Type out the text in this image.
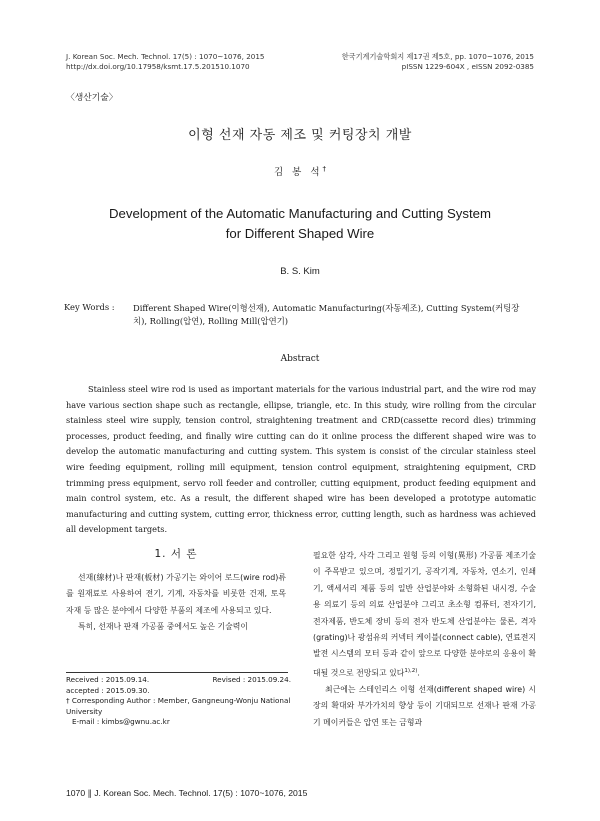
J. Korean Soc. Mech. Technol. 17(5) : 1070~1076, 2015
http://dx.doi.org/10.17958/ksmt.17.5.201510.1070
한국기계기술학회지 제17권 제5호, pp. 1070~1076, 2015
pISSN 1229-604X , eISSN 2092-0385
〈생산기술〉
이형 선재 자동 제조 및 커팅장치 개발
김 봉 석†
Development of the Automatic Manufacturing and Cutting System
for Different Shaped Wire
B. S. Kim
Key Words : Different Shaped Wire(이형선재), Automatic Manufacturing(자동제조), Cutting System(커팅장치), Rolling(압연), Rolling Mill(압연기)
Abstract
Stainless steel wire rod is used as important materials for the various industrial part, and the wire rod may have various section shape such as rectangle, ellipse, triangle, etc. In this study, wire rolling from the circular stainless steel wire supply, tension control, straightening treatment and CRD(cassette record dies) trimming processes, product feeding, and finally wire cutting can do it online process the different shaped wire was to develop the automatic manufacturing and cutting system. This system is consist of the circular stainless steel wire feeding equipment, rolling mill equipment, tension control equipment, straightening equipment, CRD trimming press equipment, servo roll feeder and controller, cutting equipment, product feeding equipment and main control system, etc. As a result, the different shaped wire has been developed a prototype automatic manufacturing and cutting system, cutting error, thickness error, cutting length, such as hardness was achieved all development targets.
1. 서 론

선재(線材)나 판재(板材) 가공기는 와이어 로드(wire rod)류를 원재료로 사용하여 전기, 기계, 자동차를 비롯한 건재, 토목 자재 등 많은 분야에서 다양한 부품의 제조에 사용되고 있다.

특히, 선재나 판재 가공품 중에서도 높은 기술력이

필요한 삼각, 사각 그리고 원형 등의 이형(異形) 가공품 제조기술이 주목받고 있으며, 정밀기기, 공작기계, 자동차, 연소기, 인쇄기, 액세서리 제품 등의 일반 산업분야와 소형화된 내시경, 수술용 의료기 등의 의료 산업분야 그리고 초소형 컴퓨터, 전자기기, 전자제품, 반도체 장비 등의 전자 반도체 산업분야는 물론, 격자(grating)나 광섬유의 커넥터 케이블(connect cable), 연료전지 발전 시스템의 모터 등과 같이 앞으로 다양한 분야로의 응용이 확대될 것으로 전망되고 있다$^{1),2)}$.

최근에는 스테인리스 이형 선재(different shaped wire) 시장의 확대와 부가가치의 향상 등이 기대되므로 선재나 판재 가공기 메이커들은 압연 또는 금형과

Received : 2015.09.14.	Revised : 2015.09.24.
accepted : 2015.09.30.
† Corresponding Author : Member, Gangneung-Wonju National University
E-mail : kimbs@gwnu.ac.kr
1070 ∥ J. Korean Soc. Mech. Technol. 17(5) : 1070~1076, 2015
